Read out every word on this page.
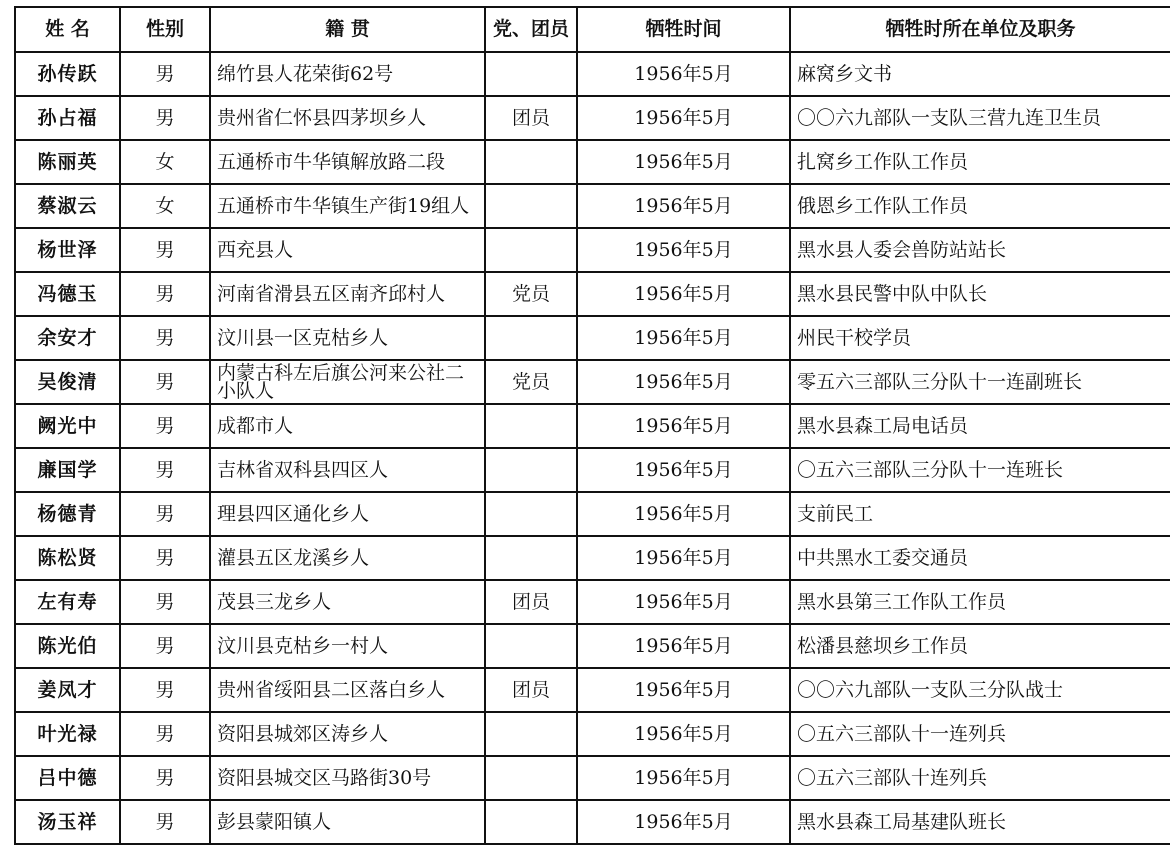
姓 名	性别	籍 贯	党、团员	牺牲时间	牺牲时所在单位及职务
孙传跃	男	绵竹县人花荣街62号		1956年5月	麻窝乡文书
孙占福	男	贵州省仁怀县四茅坝乡人	团员	1956年5月	〇〇六九部队一支队三营九连卫生员
陈丽英	女	五通桥市牛华镇解放路二段		1956年5月	扎窝乡工作队工作员
蔡淑云	女	五通桥市牛华镇生产街19组人		1956年5月	俄恩乡工作队工作员
杨世泽	男	西充县人		1956年5月	黑水县人委会兽防站站长
冯德玉	男	河南省滑县五区南齐邱村人	党员	1956年5月	黑水县民警中队中队长
余安才	男	汶川县一区克枯乡人		1956年5月	州民干校学员
吴俊清	男	内蒙古科左后旗公河来公社二小队人	党员	1956年5月	零五六三部队三分队十一连副班长
阙光中	男	成都市人		1956年5月	黑水县森工局电话员
廉国学	男	吉林省双科县四区人		1956年5月	〇五六三部队三分队十一连班长
杨德青	男	理县四区通化乡人		1956年5月	支前民工
陈松贤	男	灌县五区龙溪乡人		1956年5月	中共黑水工委交通员
左有寿	男	茂县三龙乡人	团员	1956年5月	黑水县第三工作队工作员
陈光伯	男	汶川县克枯乡一村人		1956年5月	松潘县慈坝乡工作员
姜凤才	男	贵州省绥阳县二区落白乡人	团员	1956年5月	〇〇六九部队一支队三分队战士
叶光禄	男	资阳县城郊区涛乡人		1956年5月	〇五六三部队十一连列兵
吕中德	男	资阳县城交区马路街30号		1956年5月	〇五六三部队十连列兵
汤玉祥	男	彭县蒙阳镇人		1956年5月	黑水县森工局基建队班长
